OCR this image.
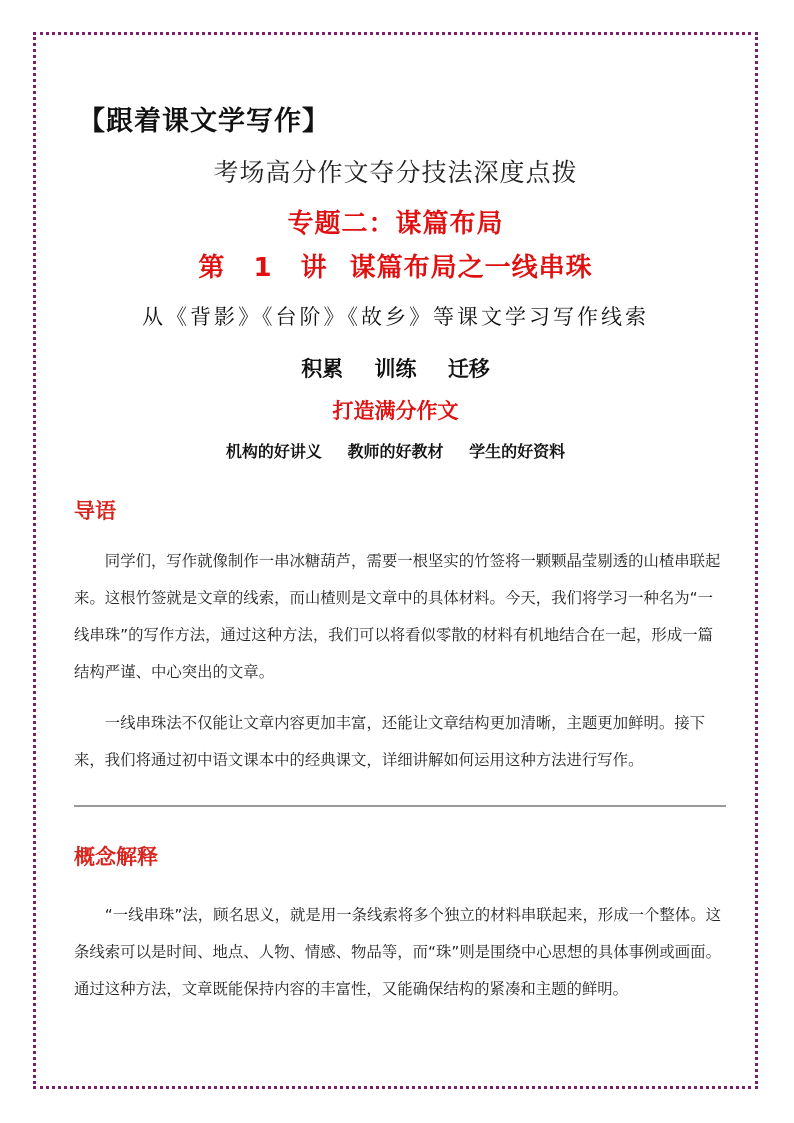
【跟着课文学写作】
考场高分作文夺分技法深度点拨
专题二：谋篇布局
第 1 讲 谋篇布局之一线串珠
从《背影》《台阶》《故乡》等课文学习写作线索
积累 训练 迁移
打造满分作文
机构的好讲义 教师的好教材 学生的好资料
导语

同学们，写作就像制作一串冰糖葫芦，需要一根坚实的竹签将一颗颗晶莹剔透的山楂串联起来。这根竹签就是文章的线索，而山楂则是文章中的具体材料。今天，我们将学习一种名为“一线串珠”的写作方法，通过这种方法，我们可以将看似零散的材料有机地结合在一起，形成一篇结构严谨、中心突出的文章。

一线串珠法不仅能让文章内容更加丰富，还能让文章结构更加清晰，主题更加鲜明。接下来，我们将通过初中语文课本中的经典课文，详细讲解如何运用这种方法进行写作。

概念解释

“一线串珠”法，顾名思义，就是用一条线索将多个独立的材料串联起来，形成一个整体。这条线索可以是时间、地点、人物、情感、物品等，而“珠”则是围绕中心思想的具体事例或画面。通过这种方法，文章既能保持内容的丰富性，又能确保结构的紧凑和主题的鲜明。
